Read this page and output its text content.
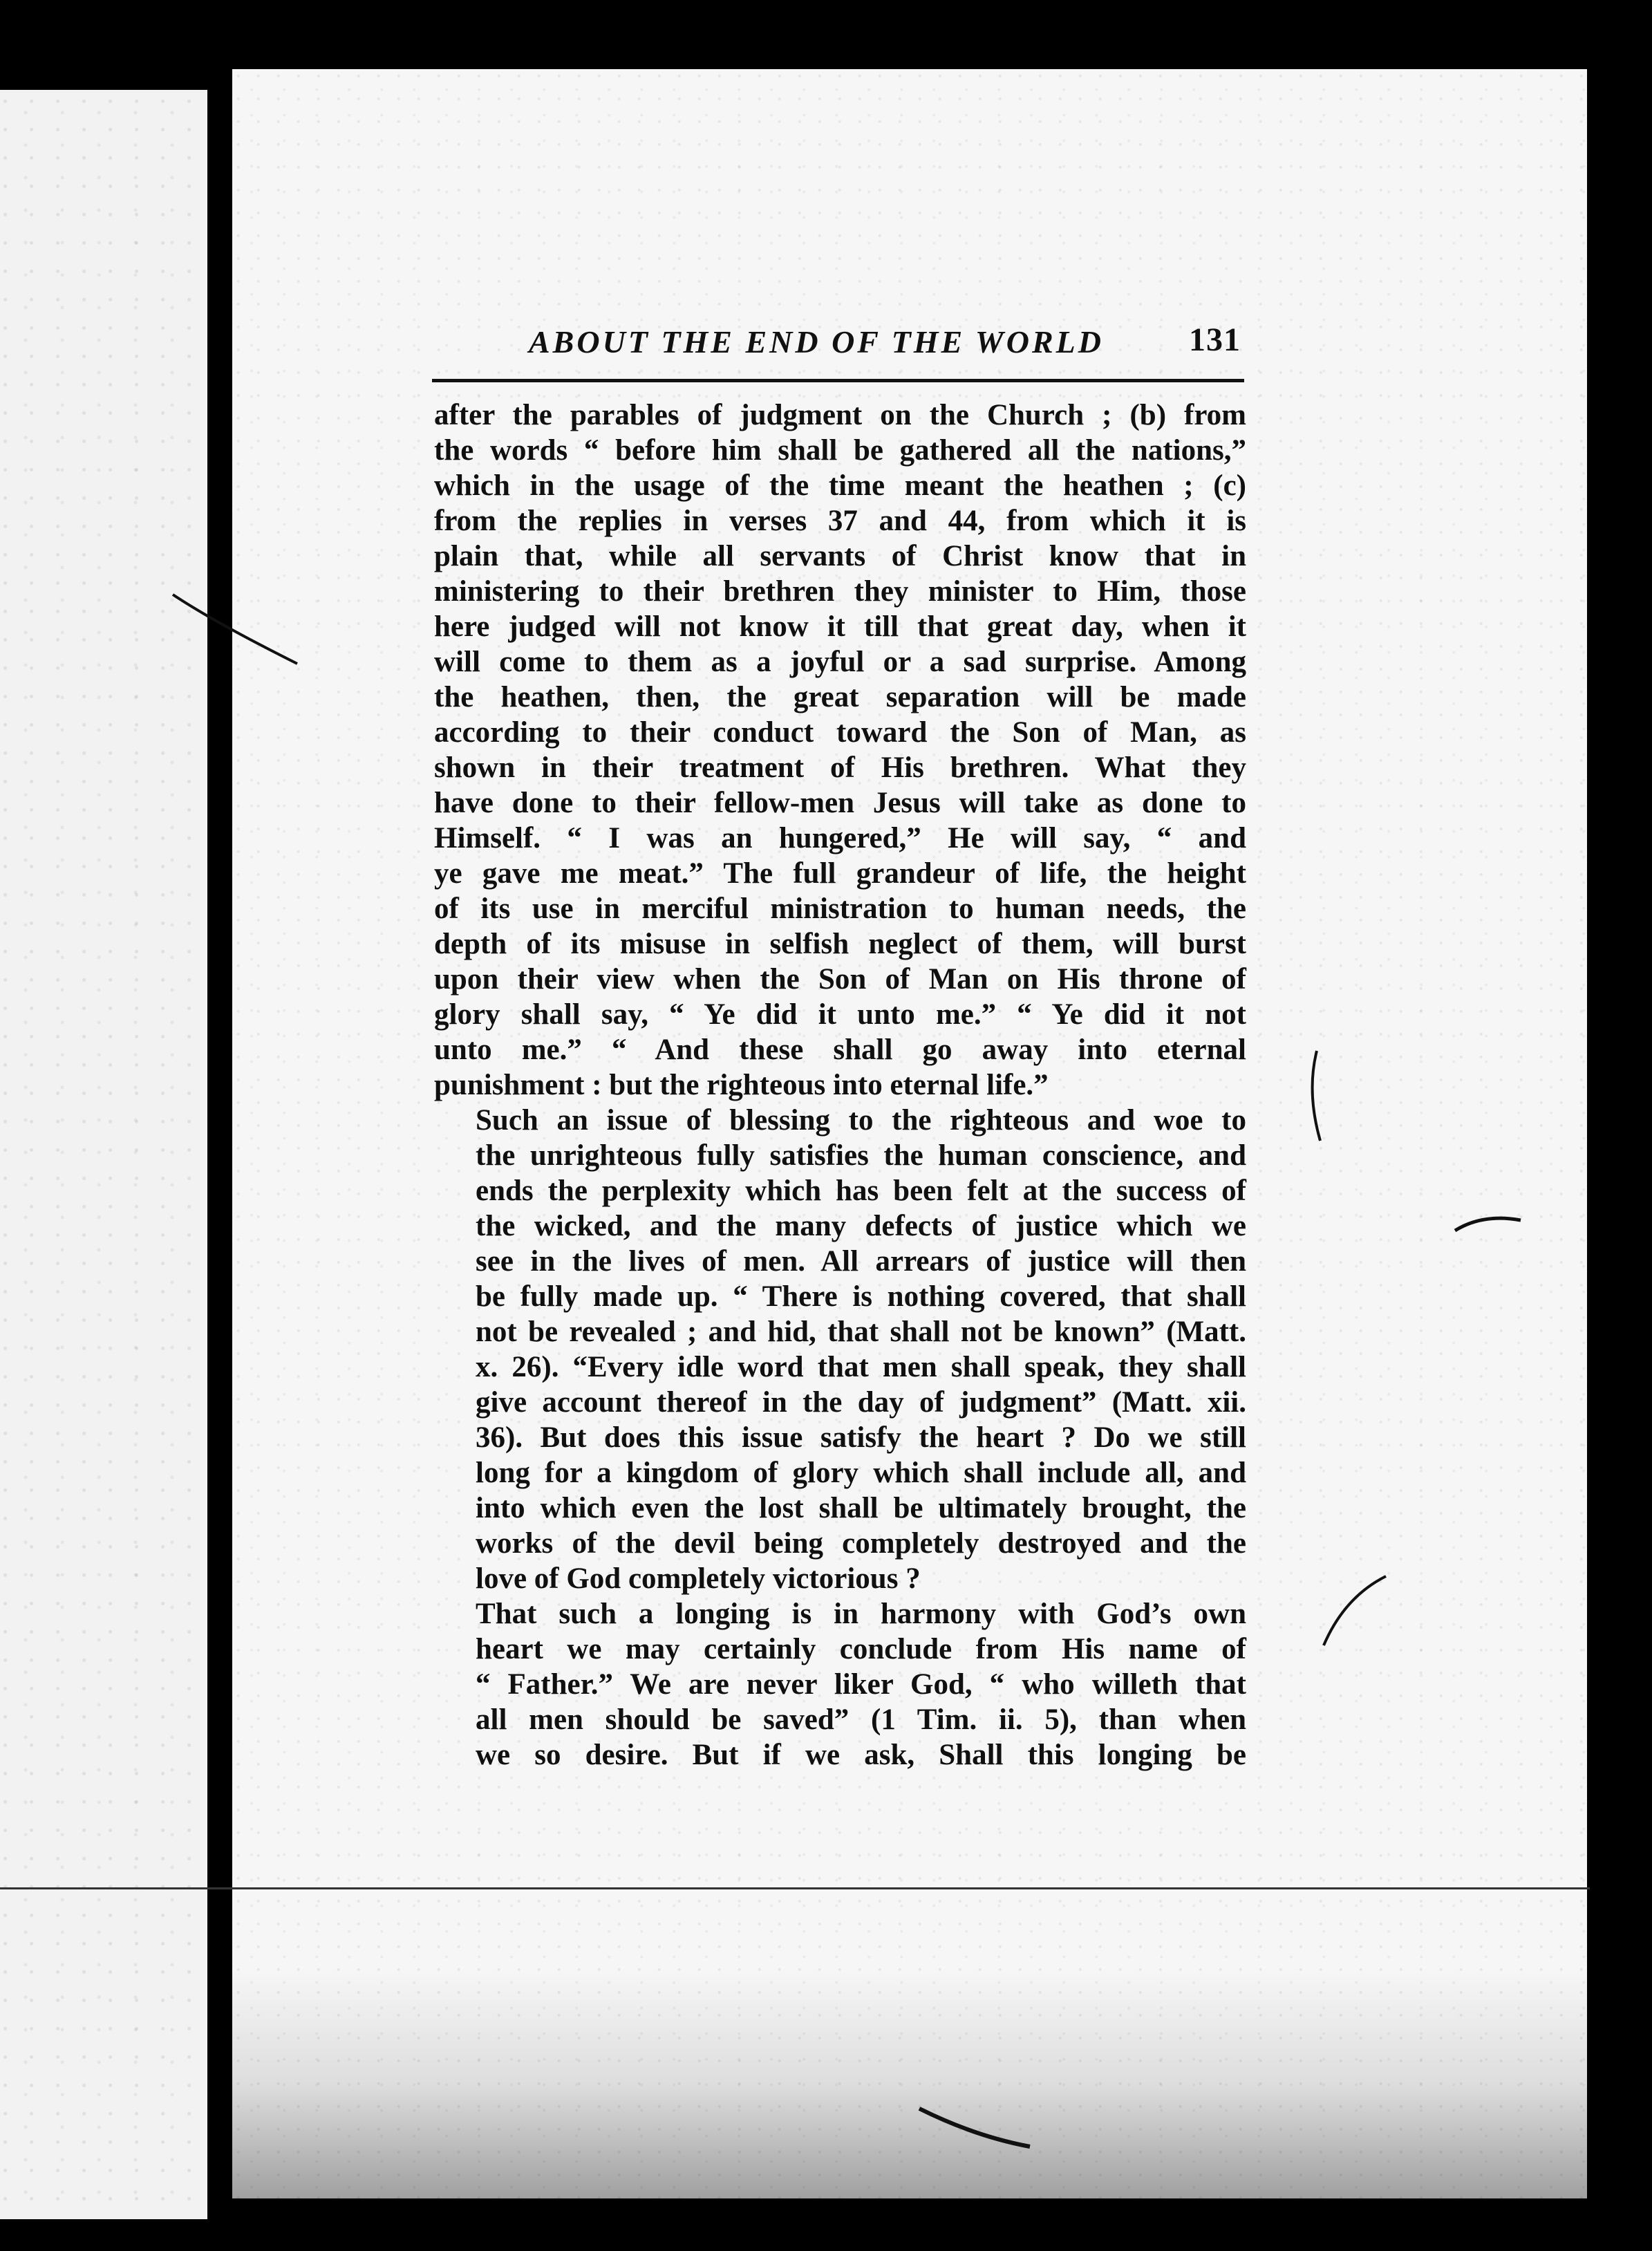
ABOUT THE END OF THE WORLD	131

after the parables of judgment on the Church ; (b) from
the words “ before him shall be gathered all the nations,”
which in the usage of the time meant the heathen ; (c)
from the replies in verses 37 and 44, from which it is
plain that, while all servants of Christ know that in
ministering to their brethren they minister to Him, those
here judged will not know it till that great day, when it
will come to them as a joyful or a sad surprise. Among
the heathen, then, the great separation will be made
according to their conduct toward the Son of Man, as
shown in their treatment of His brethren. What they
have done to their fellow-men Jesus will take as done to
Himself. “ I was an hungered,” He will say, “ and
ye gave me meat.” The full grandeur of life, the height
of its use in merciful ministration to human needs, the
depth of its misuse in selfish neglect of them, will burst
upon their view when the Son of Man on His throne of
glory shall say, “ Ye did it unto me.” “ Ye did it not
unto me.” “ And these shall go away into eternal
punishment : but the righteous into eternal life.”

Such an issue of blessing to the righteous and woe to
the unrighteous fully satisfies the human conscience, and
ends the perplexity which has been felt at the success of
the wicked, and the many defects of justice which we
see in the lives of men. All arrears of justice will then
be fully made up. “ There is nothing covered, that shall
not be revealed ; and hid, that shall not be known” (Matt.
x. 26). “Every idle word that men shall speak, they shall
give account thereof in the day of judgment” (Matt. xii.
36). But does this issue satisfy the heart ? Do we still
long for a kingdom of glory which shall include all, and
into which even the lost shall be ultimately brought, the
works of the devil being completely destroyed and the
love of God completely victorious ?

That such a longing is in harmony with God’s own
heart we may certainly conclude from His name of
“ Father.” We are never liker God, “ who willeth that
all men should be saved” (1 Tim. ii. 5), than when
we so desire. But if we ask, Shall this longing be
